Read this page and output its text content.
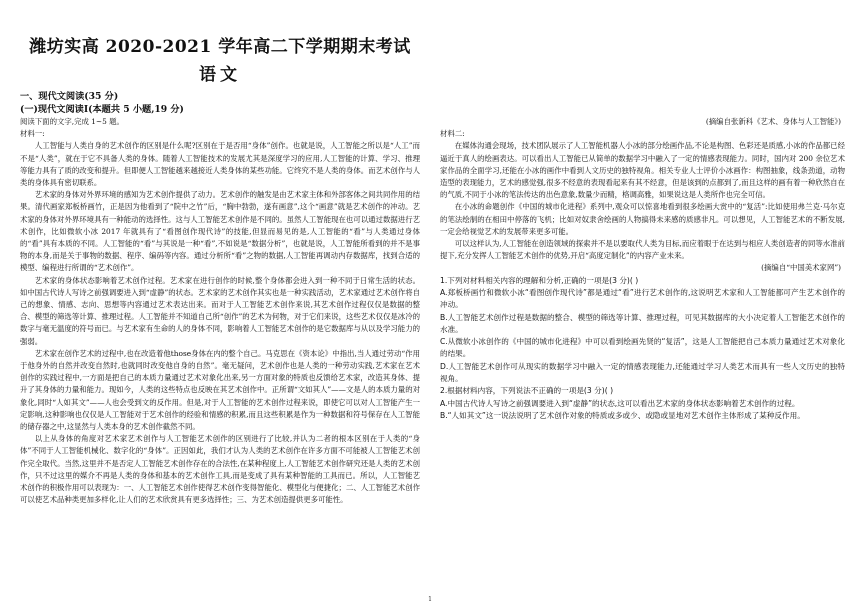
潍坊实高 2020-2021 学年高二下学期期末考试
语文
一、现代文阅读(35 分)
(一)现代文阅读Ⅰ(本题共 5 小题,19 分)
阅读下面的文字,完成 1~5 题。
材料一:

人工智能与人类自身的艺术创作的区别是什么呢?区别在于是否用“身体”创作。也就是说，人工智能之所以是“人工”而不是“人类”，就在于它不具备人类的身体。随着人工智能技术的发展尤其是深度学习的应用,人工智能的计算、学习、推理等能力具有了质的改变和提升。但即便人工智能越来越接近人类身体的某些功能。它终究不是人类的身体。而艺术创作与人类的身体具有密切联系。

艺术家的身体对外界环境的感知为艺术创作提供了动力。艺术创作的触发是由艺术家主体和外部客体之间共同作用的结果。清代画家郑板桥画竹，正是因为他看到了“院中之竹”后，“胸中勃勃，遂有画意”,这个“画意”就是艺术创作的冲动。艺术家的身体对外界环境具有一种能动的选择性。这与人工智能艺术创作是不同的。虽然人工智能现在也可以通过数据进行艺术创作，比如微软小冰 2017 年就具有了“看图创作现代诗”的技能,但显而易见的是,人工智能的“看”与人类通过身体的“看”具有本质的不同。人工智能的“看”与其说是一种“看”,不如说是“数据分析”，也就是说，人工智能所看到的并不是事物的本身,而是关于事物的数据、程序、编码等内容。通过分析所“看”之物的数据,人工智能再调动内存数据库，找到合适的模型、编程进行所谓的“艺术创作”。

艺术家的身体状态影响着艺术创作过程。艺术家在进行创作的时候,整个身体都会进入到一种不同于日常生活的状态。如中国古代诗人写诗之前强调要进入到“虚静”的状态。艺术家的艺术创作其实也是一种实践活动，艺术家通过艺术创作将自己的想象、情感、志向、思想等内容通过艺术表达出来。而对于人工智能艺术创作来说,其艺术创作过程仅仅是数据的整合、模型的筛选等计算、推理过程。人工智能并不知道自己所“创作”的艺术为何物，对于它们来说，这些艺术仅仅是冰冷的数字与毫无温度的符号而已。与艺术家有生命的人的身体不同，影响着人工智能艺术创作的是它数据库与从以及学习能力的强弱。

艺术家在创作艺术的过程中,也在改造着他those身体在内的整个自己。马克思在《资本论》中指出,当人通过劳动“作用于他身外的自然并改变自然时,也就同时改变他自身的自然”。毫无疑问，艺术创作也是人类的一种劳动实践,艺术家在艺术创作的实践过程中,一方面是把自己的本质力量通过艺术对象化出来,另一方面对象的特质也反馈给艺术家，改造其身体、提升了其身体的力量和能力。现如今，人类的这些特点也反映在其艺术创作中。正所谓“文如其人”——文是人的本质力量的对象化,同时“人如其文”——人也会受到文的反作用。但是,对于人工智能的艺术创作过程来说，即使它可以对人工智能产生一定影响,这种影响也仅仅是人工智能对于艺术创作的经验和情感的积累,而且这些积累是作为一种数据和符号保存在人工智能的储存器之中,这显然与人类本身的艺术创作截然不同。

以上从身体的角度对艺术家艺术创作与人工智能艺术创作的区别进行了比较,并认为二者的根本区别在于人类的“身体”不同于人工智能机械化、数字化的“身体”。正因如此，我们才认为人类的艺术创作在许多方面不可能被人工智能艺术创作完全取代。当然,这里并不是否定人工智能艺术创作存在的合法性,在某种程度上,人工智能艺术创作研究还是人类的艺术创作，只不过这里的媒介不再是人类的身体和基本的艺术创作工具,而是变成了具有某种智能的工具而已。所以，人工智能艺术创作的积极作用可以表现为：一、人工智能艺术创作使得艺术创作变得智能化、模型化与便捷化；二、人工智能艺术创作可以使艺术品种类更加多样化,让人们的艺术欣赏具有更多选择性；三、为艺术创造提供更多可能性。

(摘编自张新科《艺术、身体与人工智能》)
材料二:

在媒体沟通会现场，技术团队展示了人工智能机器人小冰的部分绘画作品,不论是构图、色彩还是质感,小冰的作品都已经逼近于真人的绘画表达。可以看出人工智能已从简单的数据学习中融入了一定的情感表现能力。同时，国内对 200 余位艺术家作品的全面学习,还能在小冰的画作中看到人文历史的独特视角。相关专业人士评价小冰画作：构图抽象，线条劲道，动物造型的表现能力，艺术的感觉强,很多不经意的表现看起来有其不经意，但是该到的点都到了,而且这样的画有着一种欣然自在的气质,不同于小冰的笔法传达的出色意象,数量少而精，格调高雅，如果说这是人类所作也完全可信。

在小冰的命题创作《中国的城市化进程》系列中,观众可以惊喜地看到很多绘画大赏中的“复活”:比如使用弗兰克·马尔克的笔法绘制的在相田中停落的飞机；比如对奴隶舍绘画的人物搞得未来感的质感非凡。可以想见，人工智能艺术的不断发展,一定会给视觉艺术的发展带来更多可能。

可以这样认为,人工智能在创造领域的探索并不是以要取代人类为目标,而应着眼于在达到与相应人类创造者的同等水准前提下,充分发挥人工智能艺术创作的优势,开启“高度定制化”的内容产业未来。

(摘编自“中国美术家网”)

1.下列对材料相关内容的理解和分析,正确的一项是(3 分)( )

A.郑板桥画竹和微软小冰“看图创作现代诗”都是通过“看”进行艺术创作的,这说明艺术家和人工智能都可产生艺术创作的冲动。

B.人工智能艺术创作过程是数据的整合、模型的筛选等计算、推理过程，可见其数据库的大小决定着人工智能艺术创作的水准。

C.从微软小冰创作的《中国的城市化进程》中可以看到绘画先贤的“复活”，这是人工智能把自己本质力量通过艺术对象化的结果。

D.人工智能艺术创作可从现实的数据学习中融入一定的情感表现能力,还能通过学习人类艺术而具有一些人文历史的独特视角。

2.根据材料内容，下列说法不正确的一项是(3 分)( )

A.中国古代诗人写诗之前强调要进入到“虚静”的状态,这可以看出艺术家的身体状态影响着艺术创作的过程。

B.“人如其文”这一说法说明了艺术创作对象的特质或多或少、或隐或显地对艺术创作主体形成了某种反作用。

1
